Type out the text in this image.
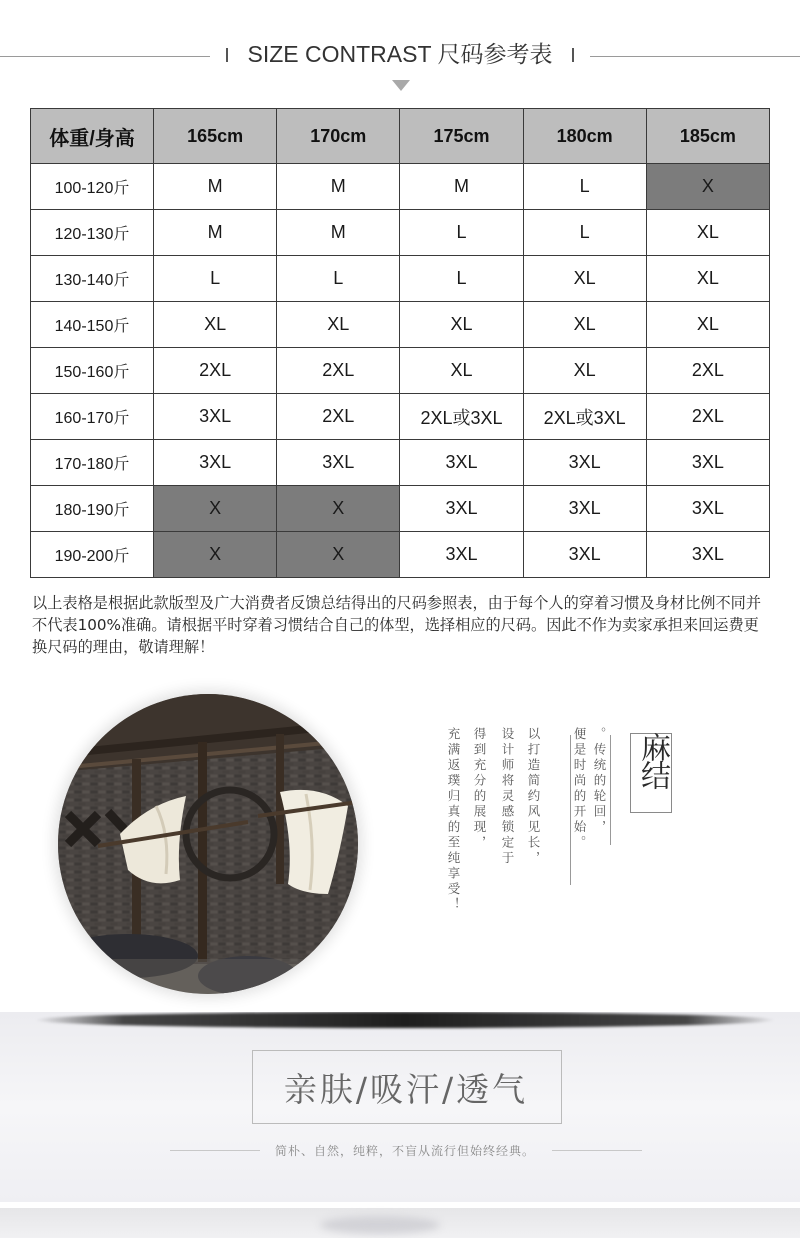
SIZE CONTRAST 尺码参考表
体重/身高	165cm	170cm	175cm	180cm	185cm
100-120斤	M	M	M	L	X
120-130斤	M	M	L	L	XL
130-140斤	L	L	L	XL	XL
140-150斤	XL	XL	XL	XL	XL
150-160斤	2XL	2XL	XL	XL	2XL
160-170斤	3XL	2XL	2XL或3XL	2XL或3XL	2XL
170-180斤	3XL	3XL	3XL	3XL	3XL
180-190斤	X	X	3XL	3XL	3XL
190-200斤	X	X	3XL	3XL	3XL
以上表格是根据此款版型及广大消费者反馈总结得出的尺码参照表，由于每个人的穿着习惯及身材比例不同并不代表100%准确。请根据平时穿着习惯结合自己的体型，选择相应的尺码。因此不作为卖家承担来回运费更换尺码的理由，敬请理解！
麻结
。传统的轮回，
便是时尚的开始。
以打造简约风见长，
设计师将灵感锁定于
得到充分的展现，
充满返璞归真的至纯享受！
亲肤/吸汗/透气
简朴、自然，纯粹，不盲从流行但始终经典。
